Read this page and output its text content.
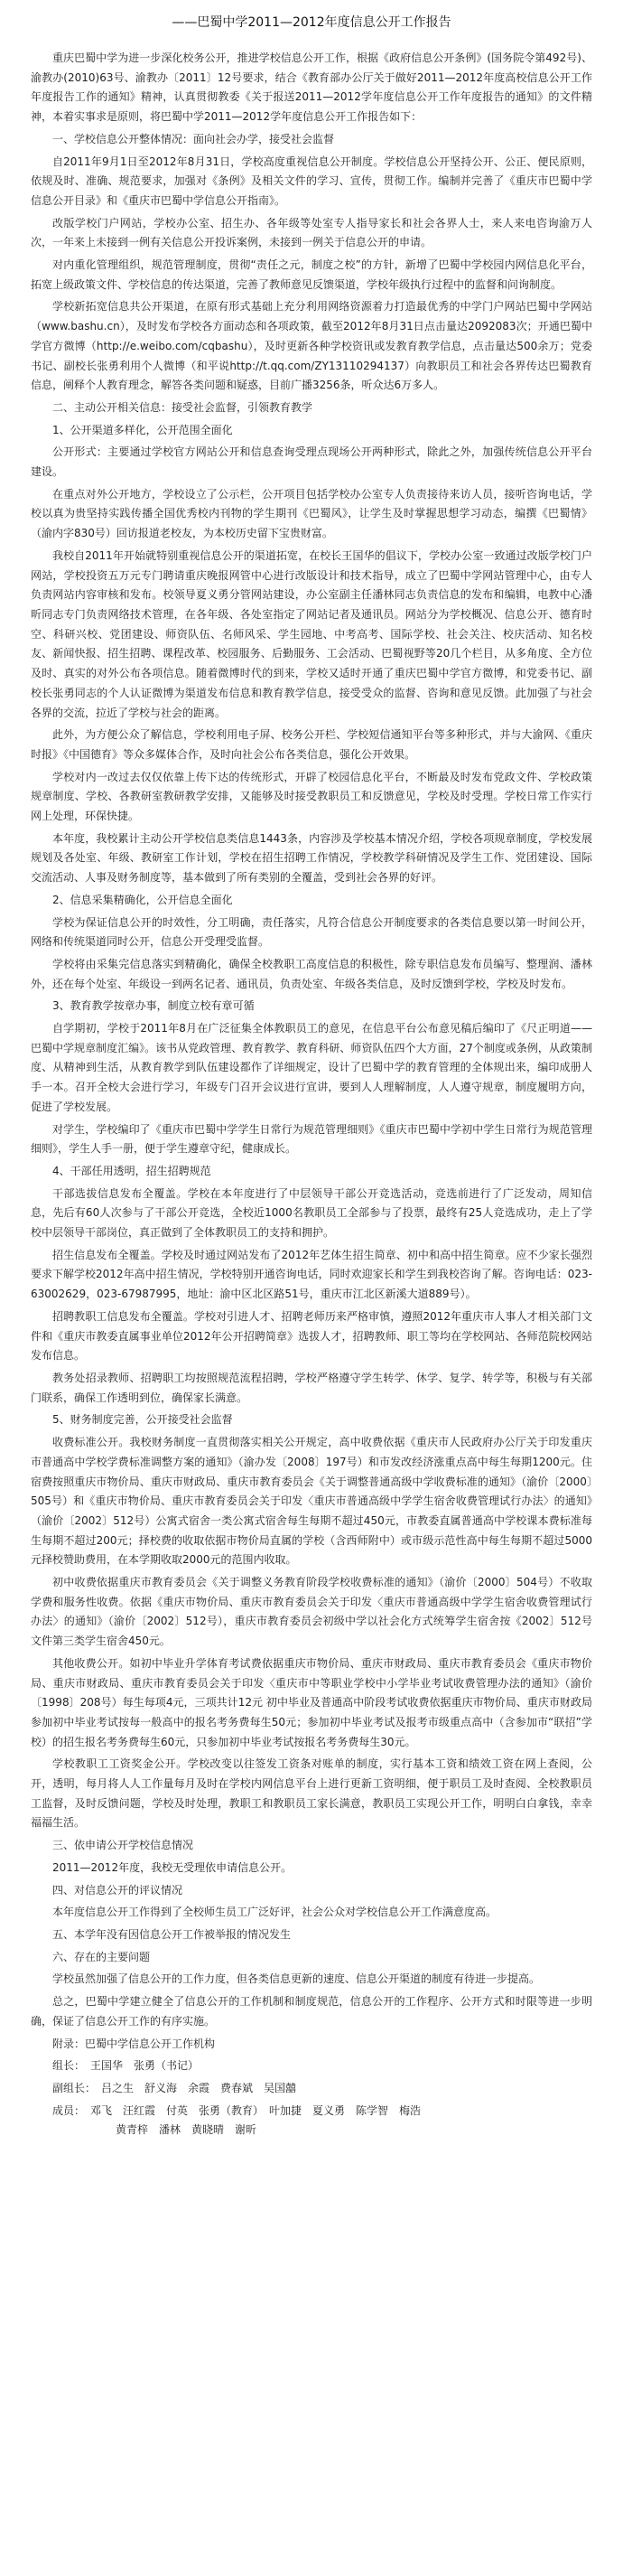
——巴蜀中学2011—2012年度信息公开工作报告

重庆巴蜀中学为进一步深化校务公开，推进学校信息公开工作，根据《政府信息公开条例》(国务院令第492号)、渝教办(2010)63号、渝教办〔2011〕12号要求，结合《教育部办公厅关于做好2011—2012年度高校信息公开工作年度报告工作的通知》精神，认真贯彻教委《关于报送2011—2012学年度信息公开工作年度报告的通知》的文件精神，本着实事求是原则，将巴蜀中学2011—2012学年度信息公开工作报告如下：

一、学校信息公开整体情况：面向社会办学，接受社会监督

自2011年9月1日至2012年8月31日，学校高度重视信息公开制度。学校信息公开坚持公开、公正、便民原则，依规及时、准确、规范要求，加强对《条例》及相关文件的学习、宣传，贯彻工作。编制并完善了《重庆市巴蜀中学信息公开目录》和《重庆市巴蜀中学信息公开指南》。

改版学校门户网站，学校办公室、招生办、各年级等处室专人指导家长和社会各界人士，来人来电咨询渝万人次，一年来上未接到一例有关信息公开投诉案例，未接到一例关于信息公开的申请。

对内重化管理组织，规范管理制度，贯彻“责任之元，制度之校”的方针，新增了巴蜀中学校园内网信息化平台，拓宽上级政策文件、学校信息的传达渠道，完善了教师意见反馈渠道，学校年级执行过程中的监督和问询制度。

学校新拓宽信息共公开渠道，在原有形式基础上充分利用网络资源着力打造最优秀的中学门户网站巴蜀中学网站（www.bashu.cn），及时发布学校各方面动态和各项政策，截至2012年8月31日点击量达2092083次；开通巴蜀中学官方微博（http://e.weibo.com/cqbashu），及时更新各种学校资讯或发教育教学信息，点击量达500余万；党委书记、副校长张勇利用个人微博（和平说http://t.qq.com/ZY13110294137）向教职员工和社会各界传达巴蜀教育信息，阐释个人教育理念，解答各类问题和疑惑，目前广播3256条，听众达6万多人。

二、主动公开相关信息：接受社会监督，引领教育教学

1、公开渠道多样化，公开范围全面化

公开形式：主要通过学校官方网站公开和信息查询受理点现场公开两种形式，除此之外，加强传统信息公开平台建设。

在重点对外公开地方，学校设立了公示栏，公开项目包括学校办公室专人负责接待来访人员，接听咨询电话，学校以真为贵坚持实践传播全国优秀校内刊物的学生期刊《巴蜀风》，让学生及时掌握思想学习动态，编撰《巴蜀情》（渝内字830号）回访报道老校友，为本校历史留下宝贵财富。

我校自2011年开始就特别重视信息公开的渠道拓宽，在校长王国华的倡议下，学校办公室一致通过改版学校门户网站，学校投资五万元专门聘请重庆晚报网管中心进行改版设计和技术指导，成立了巴蜀中学网站管理中心，由专人负责网站内容审核和发布。校领导夏义勇分管网站建设，办公室副主任潘林同志负责信息的发布和编辑，电教中心潘昕同志专门负责网络技术管理，在各年级、各处室指定了网站记者及通讯员。网站分为学校概况、信息公开、德育时空、科研兴校、党团建设、师资队伍、名师风采、学生园地、中考高考、国际学校、社会关注、校庆活动、知名校友、新闻快报、招生招聘、课程改革、校园服务、后勤服务、工会活动、巴蜀视野等20几个栏目，从多角度、全方位及时、真实的对外公布各项信息。随着微博时代的到来，学校又适时开通了重庆巴蜀中学官方微博，和党委书记、副校长张勇同志的个人认证微博为渠道发布信息和教育教学信息，接受受众的监督、咨询和意见反馈。此加强了与社会各界的交流，拉近了学校与社会的距离。

此外，为方便公众了解信息，学校利用电子屏、校务公开栏、学校短信通知平台等多种形式，并与大渝网、《重庆时报》《中国德育》等众多媒体合作，及时向社会公布各类信息，强化公开效果。

学校对内一改过去仅仅依靠上传下达的传统形式，开辟了校园信息化平台，不断最及时发布党政文件、学校政策规章制度、学校、各教研室教研教学安排，又能够及时接受教职员工和反馈意见，学校及时受理。学校日常工作实行网上处理，环保快捷。

本年度，我校累计主动公开学校信息类信息1443条，内容涉及学校基本情况介绍，学校各项规章制度，学校发展规划及各处室、年级、教研室工作计划，学校在招生招聘工作情况，学校教学科研情况及学生工作、党团建设、国际交流活动、人事及财务制度等，基本做到了所有类别的全覆盖，受到社会各界的好评。

2、信息采集精确化，公开信息全面化

学校为保证信息公开的时效性，分工明确，责任落实，凡符合信息公开制度要求的各类信息要以第一时间公开，网络和传统渠道同时公开，信息公开受理受监督。

学校将由采集完信息落实到精确化，确保全校教职工高度信息的积极性，除专职信息发布员编写、整理润、潘林外，还在每个处室、年级设一到两名记者、通讯员，负责处室、年级各类信息，及时反馈到学校，学校及时发布。

3、教育教学按章办事，制度立校有章可循

自学期初，学校于2011年8月在广泛征集全体教职员工的意见，在信息平台公布意见稿后编印了《尺正明道——巴蜀中学规章制度汇编》。该书从党政管理、教育教学、教育科研、师资队伍四个大方面，27个制度或条例，从政策制度、从精神到生活，从教育教学到队伍建设都作了详细规定，设计了巴蜀中学的教育管理的全体规出来，编印成册人手一本。召开全校大会进行学习，年级专门召开会议进行宣讲，要到人人理解制度，人人遵守规章，制度履明方向，促进了学校发展。

对学生，学校编印了《重庆市巴蜀中学学生日常行为规范管理细则》《重庆市巴蜀中学初中学生日常行为规范管理细则》，学生人手一册，便于学生遵章守纪，健康成长。

4、干部任用透明，招生招聘规范

干部选拔信息发布全覆盖。学校在本年度进行了中层领导干部公开竞选活动，竞选前进行了广泛发动，周知信息，先后有60人次参与了干部公开竞选，全校近1000名教职员工全部参与了投票，最终有25人竞选成功，走上了学校中层领导干部岗位，真正做到了全体教职员工的支持和拥护。

招生信息发布全覆盖。学校及时通过网站发布了2012年艺体生招生简章、初中和高中招生简章。应不少家长强烈要求下解学校2012年高中招生情况，学校特别开通咨询电话，同时欢迎家长和学生到我校咨询了解。咨询电话：023-63002629，023-67987995，地址：渝中区北区路51号，重庆市江北区新溪大道889号）。

招聘教职工信息发布全覆盖。学校对引进人才、招聘老师历来严格审慎，遵照2012年重庆市人事人才相关部门文件和《重庆市教委直属事业单位2012年公开招聘简章》选拔人才，招聘教师、职工等均在学校网站、各师范院校网站发布信息。

教务处招录教师、招聘职工均按照规范流程招聘，学校严格遵守学生转学、休学、复学、转学等，积极与有关部门联系，确保工作透明到位，确保家长满意。

5、财务制度完善，公开接受社会监督

收费标准公开。我校财务制度一直贯彻落实相关公开规定，高中收费依据《重庆市人民政府办公厅关于印发重庆市普通高中学校学费标准调整方案的通知》（渝办发〔2008〕197号）和市发改经济涨重点高中每生每期1200元。住宿费按照重庆市物价局、重庆市财政局、重庆市教育委员会《关于调整普通高级中学收费标准的通知》（渝价〔2000〕505号）和《重庆市物价局、重庆市教育委员会关于印发〈重庆市普通高级中学学生宿舍收费管理试行办法〉的通知》（渝价〔2002〕512号）公寓式宿舍一类公寓式宿舍每生每期不超过450元，市教委直属普通高中学校课本费标准每生每期不超过200元；择校费的收取依据市物价局直属的学校（含西师附中）或市级示范性高中每生每期不超过5000元择校赞助费用，在本学期收取2000元的范围内收取。

初中收费依据重庆市教育委员会《关于调整义务教育阶段学校收费标准的通知》（渝价〔2000〕504号）不收取学费和服务性收费。依据《重庆市物价局、重庆市教育委员会关于印发〈重庆市普通高级中学学生宿舍收费管理试行办法〉的通知》（渝价〔2002〕512号），重庆市教育委员会初级中学以社会化方式统筹学生宿舍按《2002〕512号文件第三类学生宿舍450元。

其他收费公开。如初中毕业升学体育考试费依据重庆市物价局、重庆市财政局、重庆市教育委员会《重庆市物价局、重庆市财政局、重庆市教育委员会关于印发〈重庆市中等职业学校中小学毕业考试收费管理办法的通知》（渝价〔1998〕208号）每生每项4元，三项共计12元 初中毕业及普通高中阶段考试收费依据重庆市物价局、重庆市财政局参加初中毕业考试按每一般高中的报名考务费每生50元；参加初中毕业考试及报考市级重点高中（含参加市“联招”学校）的招生报名考务费每生60元，只参加初中毕业考试按报名考务费每生30元。

学校教职工工资奖金公开。学校改变以往签发工资条对账单的制度，实行基本工资和绩效工资在网上查阅，公开，透明，每月将人人工作量每月及时在学校内网信息平台上进行更新工资明细，便于职员工及时查阅、全校教职员工监督，及时反馈问题，学校及时处理，教职工和教职员工家长满意，教职员工实现公开工作，明明白白拿钱，幸幸福福生活。

三、依申请公开学校信息情况

2011—2012年度，我校无受理依申请信息公开。

四、对信息公开的评议情况

本年度信息公开工作得到了全校师生员工广泛好评，社会公众对学校信息公开工作满意度高。

五、本学年没有因信息公开工作被举报的情况发生

六、存在的主要问题

学校虽然加强了信息公开的工作力度，但各类信息更新的速度、信息公开渠道的制度有待进一步提高。

总之，巴蜀中学建立健全了信息公开的工作机制和制度规范，信息公开的工作程序、公开方式和时限等进一步明确，保证了信息公开工作的有序实施。

附录：巴蜀中学信息公开工作机构

组长： 王国华　张勇（书记）
副组长： 吕之生　舒义海　余霞　费春斌　吴国囍
成员： 邓飞　汪红霞　付英　张勇（教育）　叶加捷　夏义勇　陈学智　梅浩
黄青梓　潘林　黄晓晴　谢昕
